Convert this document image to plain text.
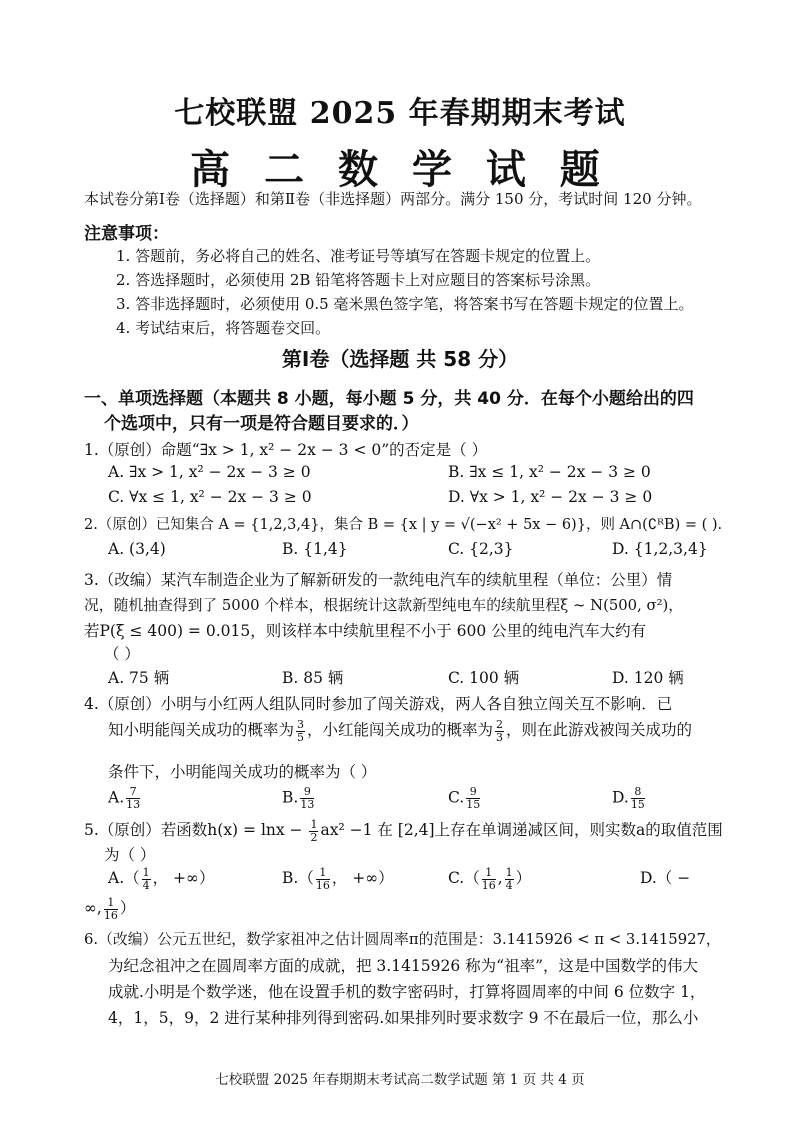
七校联盟 2025 年春期期末考试
高 二 数 学 试 题
本试卷分第Ⅰ卷（选择题）和第Ⅱ卷（非选择题）两部分。满分 150 分，考试时间 120 分钟。
注意事项：
1. 答题前，务必将自己的姓名、准考证号等填写在答题卡规定的位置上。
2. 答选择题时，必须使用 2B 铅笔将答题卡上对应题目的答案标号涂黑。
3. 答非选择题时，必须使用 0.5 毫米黑色签字笔，将答案书写在答题卡规定的位置上。
4. 考试结束后，将答题卷交回。
第Ⅰ卷（选择题 共 58 分）
一、单项选择题（本题共 8 小题，每小题 5 分，共 40 分．在每个小题给出的四
个选项中，只有一项是符合题目要求的．）
1.（原创）命题“∃x > 1, x² − 2x − 3 < 0”的否定是（ ）
A. ∃x > 1, x² − 2x − 3 ≥ 0	B. ∃x ≤ 1, x² − 2x − 3 ≥ 0
C. ∀x ≤ 1, x² − 2x − 3 ≥ 0	D. ∀x > 1, x² − 2x − 3 ≥ 0
2.（原创）已知集合 A = {1,2,3,4}，集合 B = {x | y = √(−x² + 5x − 6)}，则 A∩(∁ᴿB) = ( ).
A. (3,4)	B. {1,4}	C. {2,3}	D. {1,2,3,4}
3.（改编）某汽车制造企业为了解新研发的一款纯电汽车的续航里程（单位：公里）情
况，随机抽查得到了 5000 个样本，根据统计这款新型纯电车的续航里程ξ ~ N(500, σ²)，
若P(ξ ≤ 400) = 0.015，则该样本中续航里程不小于 600 公里的纯电汽车大约有
（ ）
A. 75 辆	B. 85 辆	C. 100 辆	D. 120 辆
4.（原创）小明与小红两人组队同时参加了闯关游戏，两人各自独立闯关互不影响．已
知小明能闯关成功的概率为 $\frac{3}{5}$ ，小红能闯关成功的概率为 $\frac{2}{3}$ ，则在此游戏被闯关成功的
条件下，小明能闯关成功的概率为（ ）
A. $\frac{7}{13}$	B. $\frac{9}{13}$	C. $\frac{9}{15}$	D. $\frac{8}{15}$
5.（原创）若函数$h(x) = \ln x - \frac{1}{2} ax^2 -1$ 在 [2,4]上存在单调递减区间，则实数a的取值范围
为（ ）
$A.( \frac{1}{4}$ ， +∞）	$B.( \frac{1}{16}$ ， +∞）	$C.( \frac{1}{16}$ , $\frac{1}{4}$ ）	D.（ −
∞, $\frac{1}{16}$ ）
6.（改编）公元五世纪，数学家祖冲之估计圆周率π的范围是：3.1415926 < π < 3.1415927，
为纪念祖冲之在圆周率方面的成就，把 3.1415926 称为“祖率”，这是中国数学的伟大
成就.小明是个数学迷，他在设置手机的数字密码时，打算将圆周率的中间 6 位数字 1，
4，1，5，9，2 进行某种排列得到密码.如果排列时要求数字 9 不在最后一位，那么小
七校联盟 2025 年春期期末考试高二数学试题 第 1 页 共 4 页
